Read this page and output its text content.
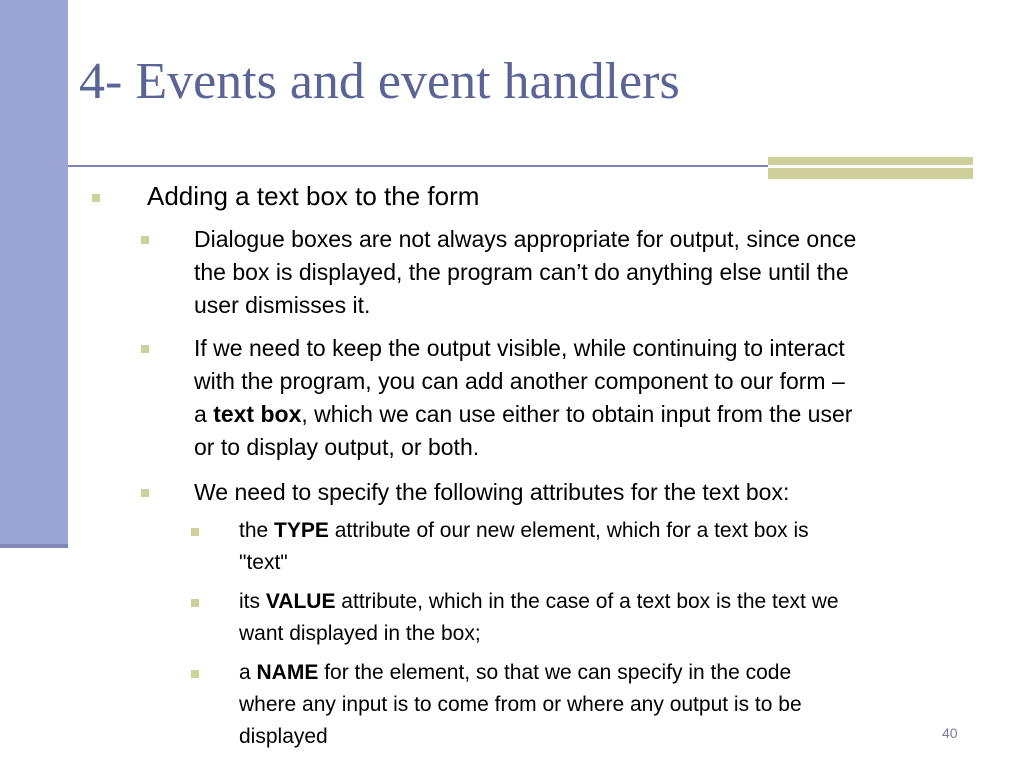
4- Events and event handlers

Adding a text box to the form

Dialogue boxes are not always appropriate for output, since once
the box is displayed, the program can’t do anything else until the
user dismisses it.

If we need to keep the output visible, while continuing to interact
with the program, you can add another component to our form –
a text box, which we can use either to obtain input from the user
or to display output, or both.

We need to specify the following attributes for the text box:

the TYPE attribute of our new element, which for a text box is
"text"

its VALUE attribute, which in the case of a text box is the text we
want displayed in the box;

a NAME for the element, so that we can specify in the code
where any input is to come from or where any output is to be
displayed	40
